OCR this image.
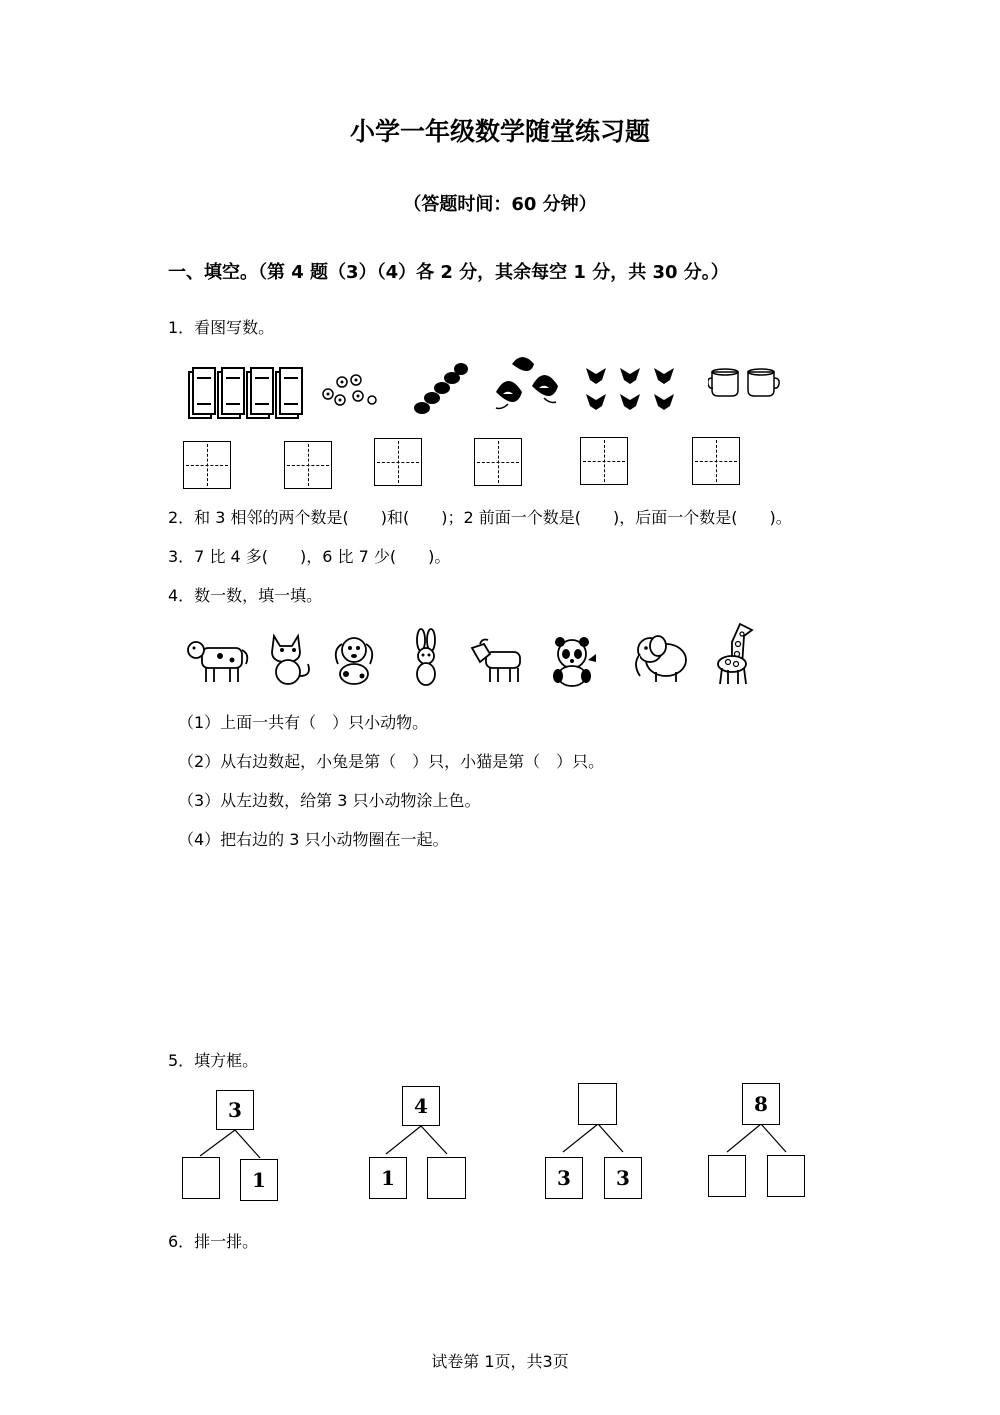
小学一年级数学随堂练习题
（答题时间：60 分钟）
一、填空。（第 4 题（3）（4）各 2 分，其余每空 1 分，共 30 分。）
1．看图写数。
2．和 3 相邻的两个数是(　　)和(　　)；2 前面一个数是(　　)，后面一个数是(　　)。
3．7 比 4 多(　　)，6 比 7 少(　　)。
4．数一数，填一填。
（1）上面一共有（　）只小动物。
（2）从右边数起，小兔是第（　）只，小猫是第（　）只。
（3）从左边数，给第 3 只小动物涂上色。
（4）把右边的 3 只小动物圈在一起。
5．填方框。
3
1
4
1	3	3
8
6．排一排。
试卷第 1页，共3页
